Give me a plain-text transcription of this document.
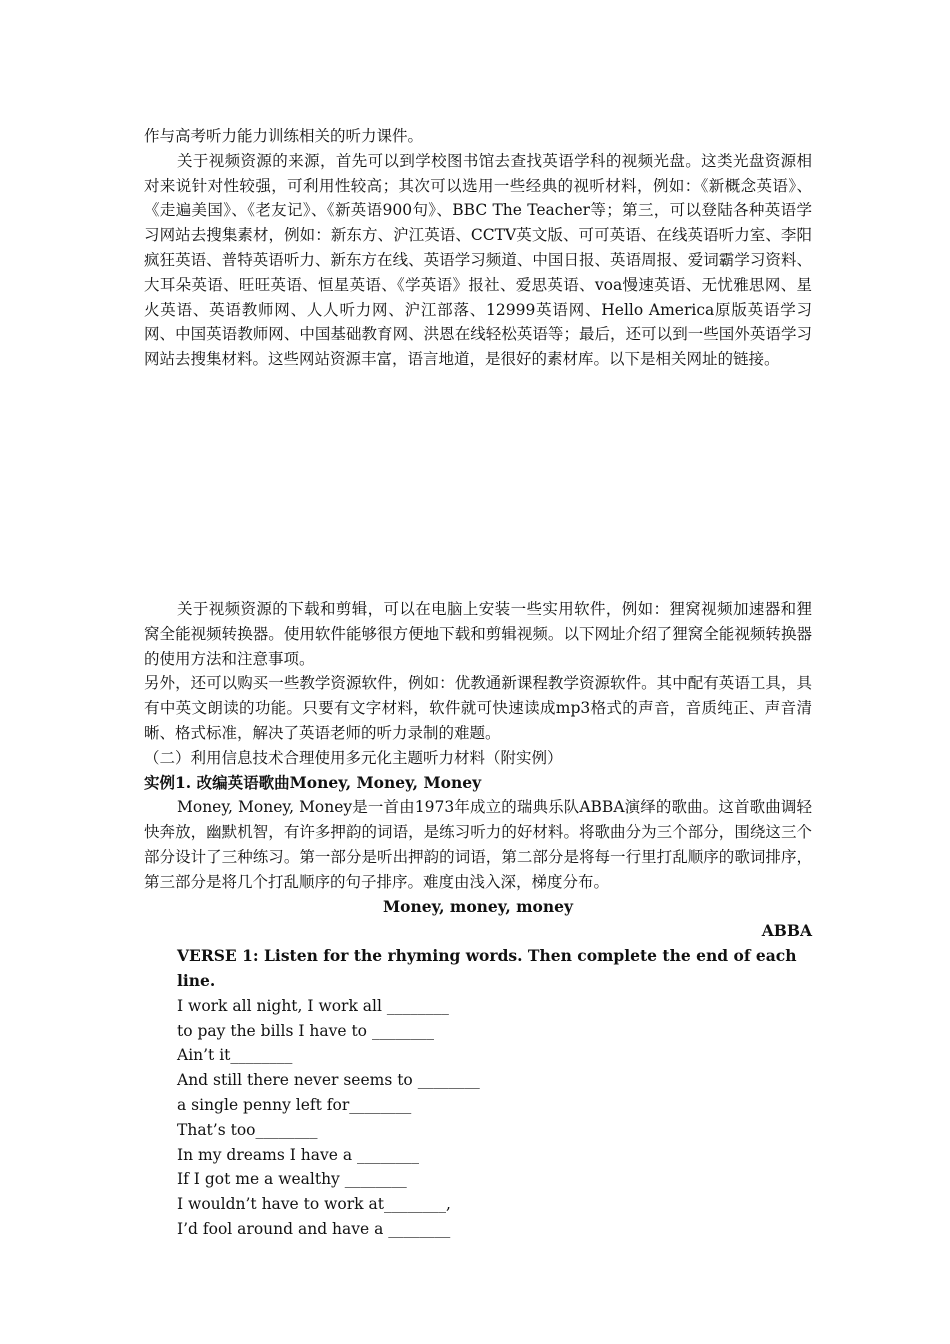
作与高考听力能力训练相关的听力课件。

关于视频资源的来源，首先可以到学校图书馆去查找英语学科的视频光盘。这类光盘资源相对来说针对性较强，可利用性较高；其次可以选用一些经典的视听材料，例如：《新概念英语》、《走遍美国》、《老友记》、《新英语900句》、BBC The Teacher等；第三，可以登陆各种英语学习网站去搜集素材，例如：新东方、沪江英语、CCTV英文版、可可英语、在线英语听力室、李阳疯狂英语、普特英语听力、新东方在线、英语学习频道、中国日报、英语周报、爱词霸学习资料、大耳朵英语、旺旺英语、恒星英语、《学英语》报社、爱思英语、voa慢速英语、无忧雅思网、星火英语、英语教师网、人人听力网、沪江部落、12999英语网、Hello America原版英语学习网、中国英语教师网、中国基础教育网、洪恩在线轻松英语等；最后，还可以到一些国外英语学习网站去搜集材料。这些网站资源丰富，语言地道，是很好的素材库。以下是相关网址的链接。

关于视频资源的下载和剪辑，可以在电脑上安装一些实用软件，例如：狸窝视频加速器和狸窝全能视频转换器。使用软件能够很方便地下载和剪辑视频。以下网址介绍了狸窝全能视频转换器的使用方法和注意事项。

另外，还可以购买一些教学资源软件，例如：优教通新课程教学资源软件。其中配有英语工具，具有中英文朗读的功能。只要有文字材料，软件就可快速读成mp3格式的声音，音质纯正、声音清晰、格式标准，解决了英语老师的听力录制的难题。

（二）利用信息技术合理使用多元化主题听力材料（附实例）

实例1. 改编英语歌曲Money, Money, Money

Money, Money, Money是一首由1973年成立的瑞典乐队ABBA演绎的歌曲。这首歌曲调轻快奔放，幽默机智，有许多押韵的词语，是练习听力的好材料。将歌曲分为三个部分，围绕这三个部分设计了三种练习。第一部分是听出押韵的词语，第二部分是将每一行里打乱顺序的歌词排序，第三部分是将几个打乱顺序的句子排序。难度由浅入深，梯度分布。

Money, money, money

ABBA

VERSE 1: Listen for the rhyming words. Then complete the end of each line.

I work all night, I work all ________

to pay the bills I have to ________

Ain’t it________

And still there never seems to ________

a single penny left for________

That’s too________

In my dreams I have a ________

If I got me a wealthy ________

I wouldn’t have to work at________,

I’d fool around and have a ________
